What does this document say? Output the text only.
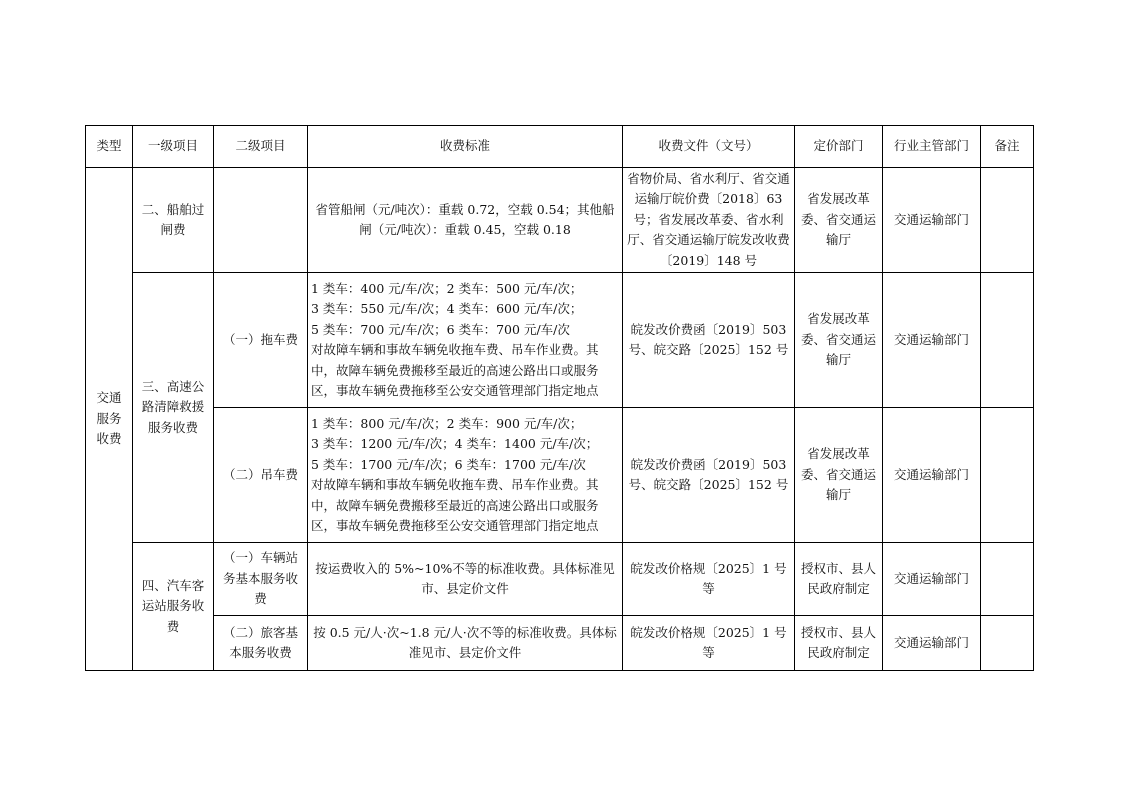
类型	一级项目	二级项目	收费标准	收费文件（文号）	定价部门	行业主管部门	备注
交通服务收费	二、船舶过闸费		省管船闸（元/吨次）：重载 0.72，空载 0.54；其他船闸（元/吨次）：重载 0.45，空载 0.18	省物价局、省水利厅、省交通运输厅皖价费〔2018〕63号；省发展改革委、省水利厅、省交通运输厅皖发改收费〔2019〕148 号	省发展改革委、省交通运输厅	交通运输部门	
	三、高速公路清障救援服务收费	（一）拖车费	1 类车：400 元/车/次；2 类车：500 元/车/次；
3 类车：550 元/车/次；4 类车：600 元/车/次；
5 类车：700 元/车/次；6 类车：700 元/车/次
对故障车辆和事故车辆免收拖车费、吊车作业费。其中，故障车辆免费搬移至最近的高速公路出口或服务区，事故车辆免费拖移至公安交通管理部门指定地点	皖发改价费函〔2019〕503号、皖交路〔2025〕152 号	省发展改革委、省交通运输厅	交通运输部门	
		（二）吊车费	1 类车：800 元/车/次；2 类车：900 元/车/次；
3 类车：1200 元/车/次；4 类车：1400 元/车/次；
5 类车：1700 元/车/次；6 类车：1700 元/车/次
对故障车辆和事故车辆免收拖车费、吊车作业费。其中，故障车辆免费搬移至最近的高速公路出口或服务区，事故车辆免费拖移至公安交通管理部门指定地点	皖发改价费函〔2019〕503号、皖交路〔2025〕152 号	省发展改革委、省交通运输厅	交通运输部门	
	四、汽车客运站服务收费	（一）车辆站务基本服务收费	按运费收入的 5%~10%不等的标准收费。具体标准见市、县定价文件	皖发改价格规〔2025〕1 号等	授权市、县人民政府制定	交通运输部门	
		（二）旅客基本服务收费	按 0.5 元/人·次~1.8 元/人·次不等的标准收费。具体标准见市、县定价文件	皖发改价格规〔2025〕1 号等	授权市、县人民政府制定	交通运输部门	
